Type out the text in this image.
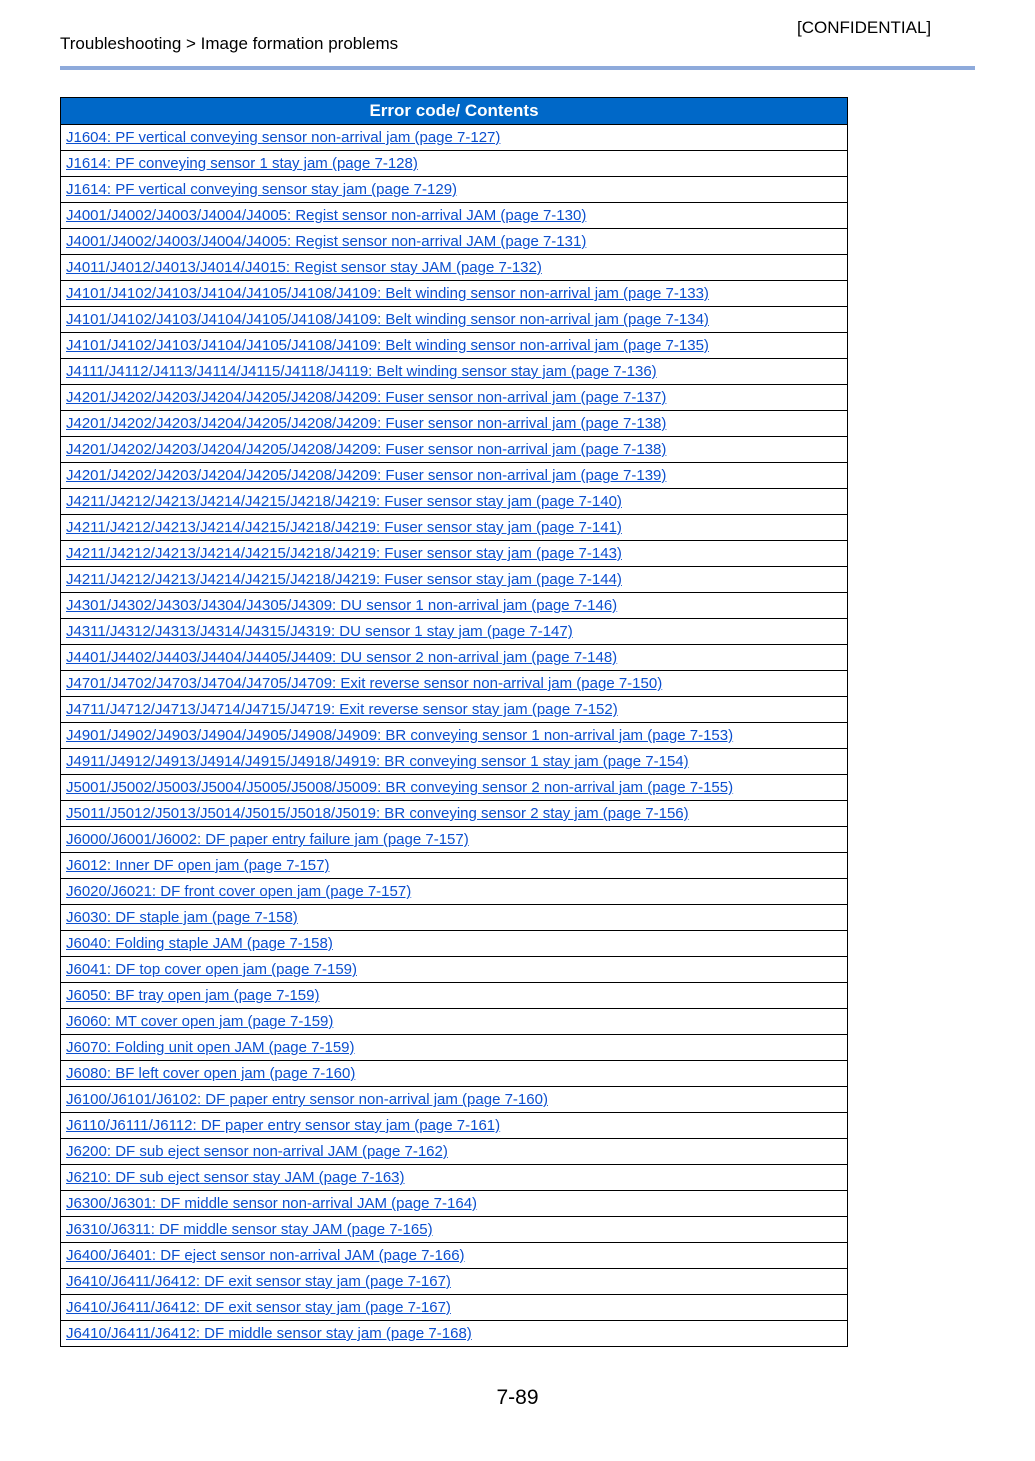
[CONFIDENTIAL]
Troubleshooting > Image formation problems
Error code/ Contents
J1604: PF vertical conveying sensor non-arrival jam (page 7-127)
J1614: PF conveying sensor 1 stay jam (page 7-128)
J1614: PF vertical conveying sensor stay jam (page 7-129)
J4001/J4002/J4003/J4004/J4005: Regist sensor non-arrival JAM (page 7-130)
J4001/J4002/J4003/J4004/J4005: Regist sensor non-arrival JAM (page 7-131)
J4011/J4012/J4013/J4014/J4015: Regist sensor stay JAM (page 7-132)
J4101/J4102/J4103/J4104/J4105/J4108/J4109: Belt winding sensor non-arrival jam (page 7-133)
J4101/J4102/J4103/J4104/J4105/J4108/J4109: Belt winding sensor non-arrival jam (page 7-134)
J4101/J4102/J4103/J4104/J4105/J4108/J4109: Belt winding sensor non-arrival jam (page 7-135)
J4111/J4112/J4113/J4114/J4115/J4118/J4119: Belt winding sensor stay jam (page 7-136)
J4201/J4202/J4203/J4204/J4205/J4208/J4209: Fuser sensor non-arrival jam (page 7-137)
J4201/J4202/J4203/J4204/J4205/J4208/J4209: Fuser sensor non-arrival jam (page 7-138)
J4201/J4202/J4203/J4204/J4205/J4208/J4209: Fuser sensor non-arrival jam (page 7-138)
J4201/J4202/J4203/J4204/J4205/J4208/J4209: Fuser sensor non-arrival jam (page 7-139)
J4211/J4212/J4213/J4214/J4215/J4218/J4219: Fuser sensor stay jam (page 7-140)
J4211/J4212/J4213/J4214/J4215/J4218/J4219: Fuser sensor stay jam (page 7-141)
J4211/J4212/J4213/J4214/J4215/J4218/J4219: Fuser sensor stay jam (page 7-143)
J4211/J4212/J4213/J4214/J4215/J4218/J4219: Fuser sensor stay jam (page 7-144)
J4301/J4302/J4303/J4304/J4305/J4309: DU sensor 1 non-arrival jam (page 7-146)
J4311/J4312/J4313/J4314/J4315/J4319: DU sensor 1 stay jam (page 7-147)
J4401/J4402/J4403/J4404/J4405/J4409: DU sensor 2 non-arrival jam (page 7-148)
J4701/J4702/J4703/J4704/J4705/J4709: Exit reverse sensor non-arrival jam (page 7-150)
J4711/J4712/J4713/J4714/J4715/J4719: Exit reverse sensor stay jam (page 7-152)
J4901/J4902/J4903/J4904/J4905/J4908/J4909: BR conveying sensor 1 non-arrival jam (page 7-153)
J4911/J4912/J4913/J4914/J4915/J4918/J4919: BR conveying sensor 1 stay jam (page 7-154)
J5001/J5002/J5003/J5004/J5005/J5008/J5009: BR conveying sensor 2 non-arrival jam (page 7-155)
J5011/J5012/J5013/J5014/J5015/J5018/J5019: BR conveying sensor 2 stay jam (page 7-156)
J6000/J6001/J6002: DF paper entry failure jam (page 7-157)
J6012: Inner DF open jam (page 7-157)
J6020/J6021: DF front cover open jam (page 7-157)
J6030: DF staple jam (page 7-158)
J6040: Folding staple JAM (page 7-158)
J6041: DF top cover open jam (page 7-159)
J6050: BF tray open jam (page 7-159)
J6060: MT cover open jam (page 7-159)
J6070: Folding unit open JAM (page 7-159)
J6080: BF left cover open jam (page 7-160)
J6100/J6101/J6102: DF paper entry sensor non-arrival jam (page 7-160)
J6110/J6111/J6112: DF paper entry sensor stay jam (page 7-161)
J6200: DF sub eject sensor non-arrival JAM (page 7-162)
J6210: DF sub eject sensor stay JAM (page 7-163)
J6300/J6301: DF middle sensor non-arrival JAM (page 7-164)
J6310/J6311: DF middle sensor stay JAM (page 7-165)
J6400/J6401: DF eject sensor non-arrival JAM (page 7-166)
J6410/J6411/J6412: DF exit sensor stay jam (page 7-167)
J6410/J6411/J6412: DF exit sensor stay jam (page 7-167)
J6410/J6411/J6412: DF middle sensor stay jam (page 7-168)
7-89
